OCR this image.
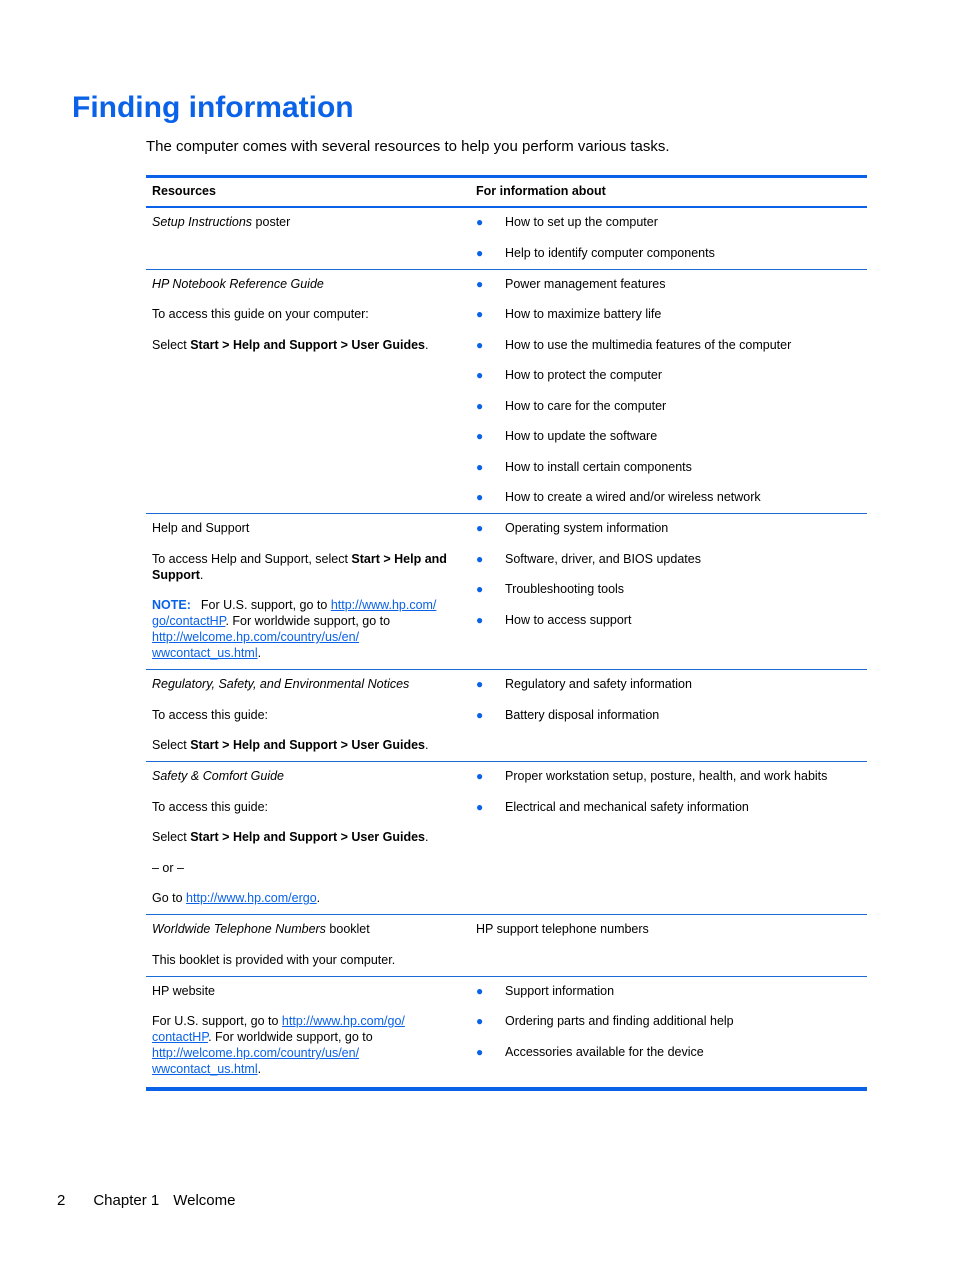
Finding information

The computer comes with several resources to help you perform various tasks.

Resources	For information about

Setup Instructions poster	● How to set up the computer
● Help to identify computer components

HP Notebook Reference Guide

To access this guide on your computer:

Select Start > Help and Support > User Guides.

● Power management features
● How to maximize battery life
● How to use the multimedia features of the computer
● How to protect the computer
● How to care for the computer
● How to update the software
● How to install certain components
● How to create a wired and/or wireless network

Help and Support

To access Help and Support, select Start > Help and Support.

NOTE: For U.S. support, go to http://www.hp.com/
go/contactHP. For worldwide support, go to
http://welcome.hp.com/country/us/en/
wwcontact_us.html.

● Operating system information
● Software, driver, and BIOS updates
● Troubleshooting tools
● How to access support

Regulatory, Safety, and Environmental Notices

To access this guide:

Select Start > Help and Support > User Guides.

● Regulatory and safety information
● Battery disposal information

Safety & Comfort Guide

To access this guide:

Select Start > Help and Support > User Guides.

– or –

Go to http://www.hp.com/ergo.

● Proper workstation setup, posture, health, and work habits
● Electrical and mechanical safety information

Worldwide Telephone Numbers booklet

This booklet is provided with your computer.

HP support telephone numbers

HP website

For U.S. support, go to http://www.hp.com/go/
contactHP. For worldwide support, go to
http://welcome.hp.com/country/us/en/
wwcontact_us.html.

● Support information
● Ordering parts and finding additional help
● Accessories available for the device
2 Chapter 1 Welcome
